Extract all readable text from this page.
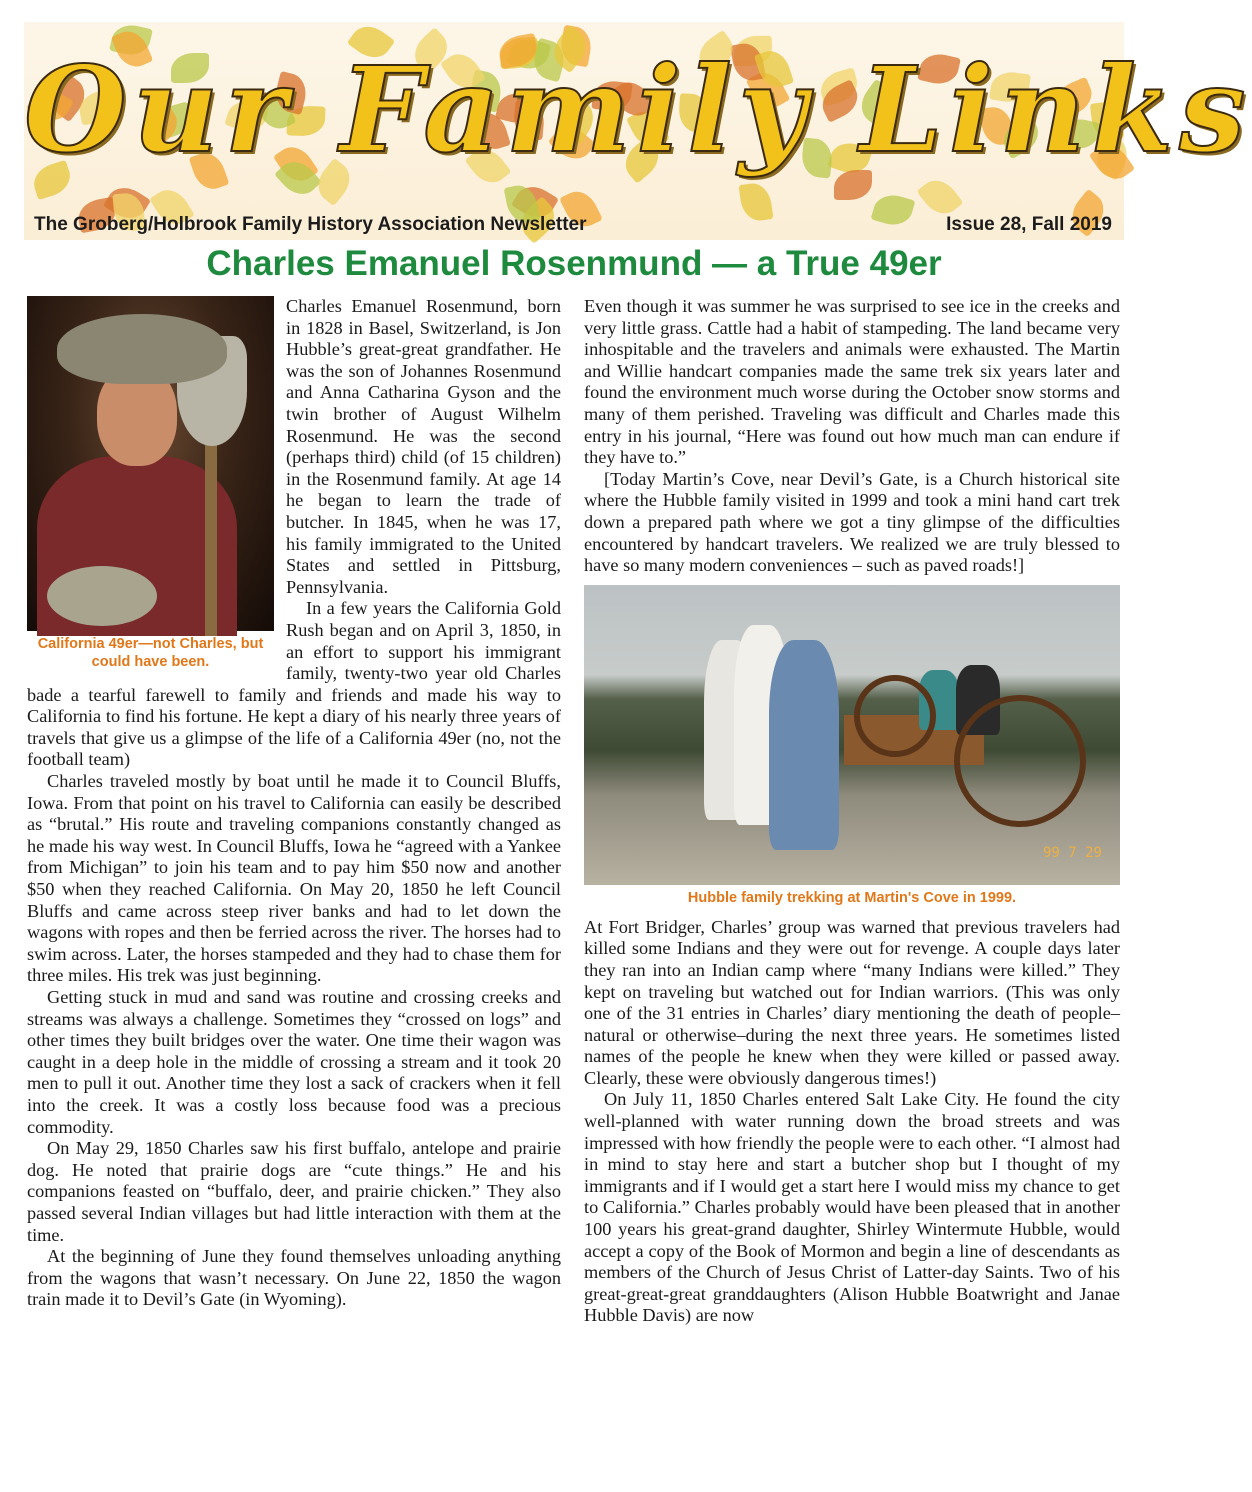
Our Family Links
The Groberg/Holbrook Family History Association Newsletter	Issue 28, Fall 2019
Charles Emanuel Rosenmund — a True 49er
California 49er—not Charles, but could have been.

Charles Emanuel Rosenmund, born in 1828 in Basel, Switzerland, is Jon Hubble’s great-great grandfather. He was the son of Johannes Rosenmund and Anna Catharina Gyson and the twin brother of August Wilhelm Rosenmund. He was the second (perhaps third) child (of 15 children) in the Rosenmund family. At age 14 he began to learn the trade of butcher. In 1845, when he was 17, his family immigrated to the United States and settled in Pittsburg, Pennsylvania.

In a few years the California Gold Rush began and on April 3, 1850, in an effort to support his immigrant family, twenty-two year old Charles bade a tearful farewell to family and friends and made his way to California to find his fortune. He kept a diary of his nearly three years of travels that give us a glimpse of the life of a California 49er (no, not the football team)

Charles traveled mostly by boat until he made it to Council Bluffs, Iowa. From that point on his travel to California can easily be described as “brutal.” His route and traveling companions constantly changed as he made his way west. In Council Bluffs, Iowa he “agreed with a Yankee from Michigan” to join his team and to pay him $50 now and another $50 when they reached California. On May 20, 1850 he left Council Bluffs and came across steep river banks and had to let down the wagons with ropes and then be ferried across the river. The horses had to swim across. Later, the horses stampeded and they had to chase them for three miles. His trek was just beginning.

Getting stuck in mud and sand was routine and crossing creeks and streams was always a challenge. Sometimes they “crossed on logs” and other times they built bridges over the water. One time their wagon was caught in a deep hole in the middle of crossing a stream and it took 20 men to pull it out. Another time they lost a sack of crackers when it fell into the creek. It was a costly loss because food was a precious commodity.

On May 29, 1850 Charles saw his first buffalo, antelope and prairie dog. He noted that prairie dogs are “cute things.” He and his companions feasted on “buffalo, deer, and prairie chicken.” They also passed several Indian villages but had little interaction with them at the time.

At the beginning of June they found themselves unloading anything from the wagons that wasn’t necessary. On June 22, 1850 the wagon train made it to Devil’s Gate (in Wyoming).

Even though it was summer he was surprised to see ice in the creeks and very little grass. Cattle had a habit of stampeding. The land became very inhospitable and the travelers and animals were exhausted. The Martin and Willie handcart companies made the same trek six years later and found the environment much worse during the October snow storms and many of them perished. Traveling was difficult and Charles made this entry in his journal, “Here was found out how much man can endure if they have to.”

[Today Martin’s Cove, near Devil’s Gate, is a Church historical site where the Hubble family visited in 1999 and took a mini hand cart trek down a prepared path where we got a tiny glimpse of the difficulties encountered by handcart travelers. We realized we are truly blessed to have so many modern conveniences – such as paved roads!]

99 7 29
Hubble family trekking at Martin's Cove in 1999.

At Fort Bridger, Charles’ group was warned that previous travelers had killed some Indians and they were out for revenge. A couple days later they ran into an Indian camp where “many Indians were killed.” They kept on traveling but watched out for Indian warriors. (This was only one of the 31 entries in Charles’ diary mentioning the death of people–natural or otherwise–during the next three years. He sometimes listed names of the people he knew when they were killed or passed away. Clearly, these were obviously dangerous times!)

On July 11, 1850 Charles entered Salt Lake City. He found the city well-planned with water running down the broad streets and was impressed with how friendly the people were to each other. “I almost had in mind to stay here and start a butcher shop but I thought of my immigrants and if I would get a start here I would miss my chance to get to California.” Charles probably would have been pleased that in another 100 years his great-grand daughter, Shirley Wintermute Hubble, would accept a copy of the Book of Mormon and begin a line of descendants as members of the Church of Jesus Christ of Latter-day Saints. Two of his great-great-great granddaughters (Alison Hubble Boatwright and Janae Hubble Davis) are now
